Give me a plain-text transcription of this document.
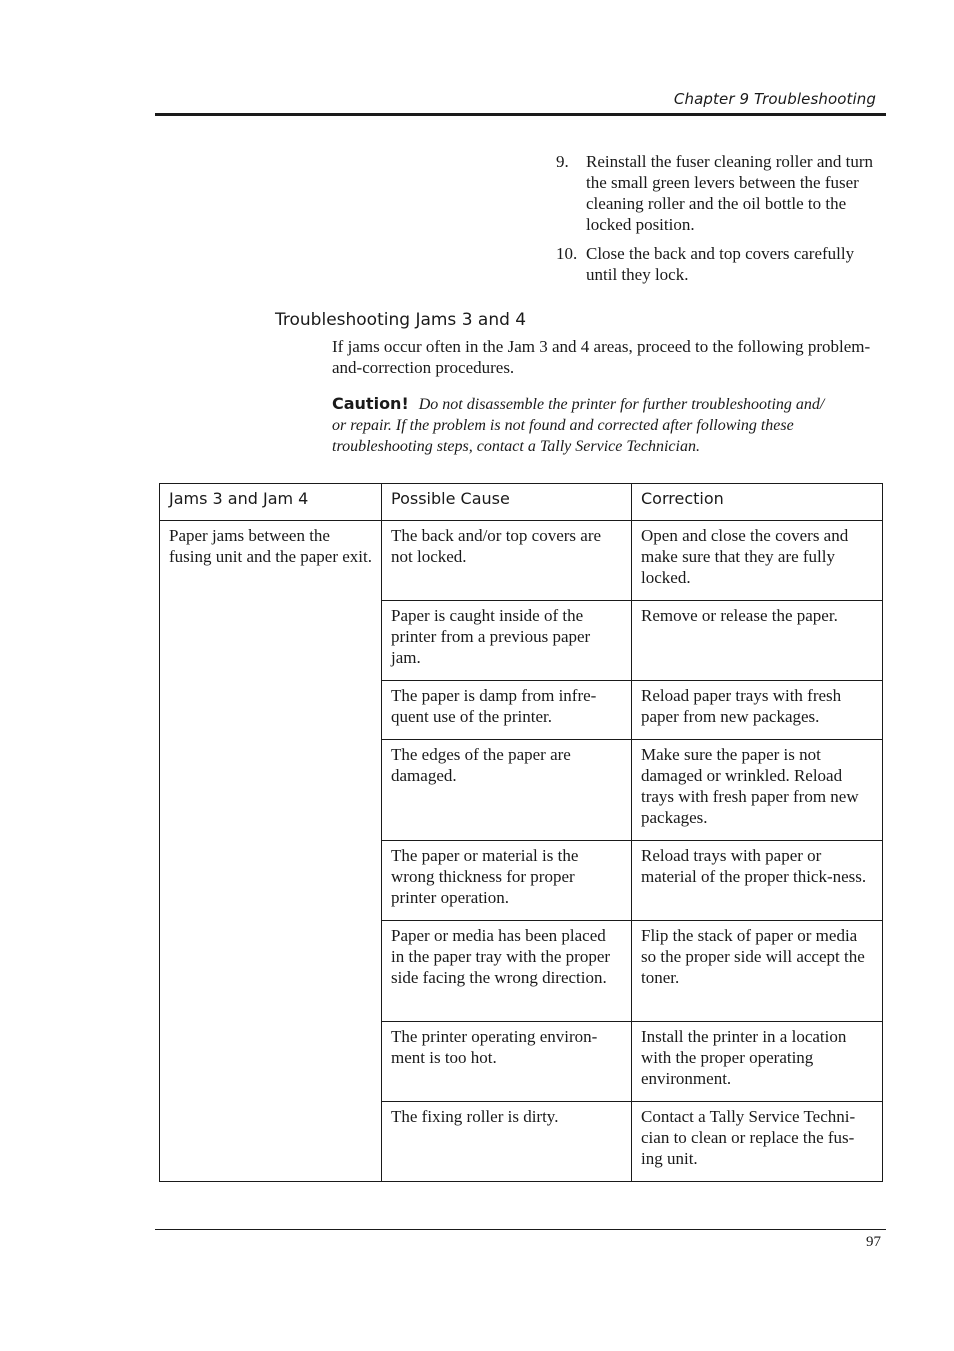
Chapter 9 Troubleshooting
9. Reinstall the fuser cleaning roller and turn the small green levers between the fuser cleaning roller and the oil bottle to the locked position.
10. Close the back and top covers carefully until they lock.
Troubleshooting Jams 3 and 4

If jams occur often in the Jam 3 and 4 areas, proceed to the following problem-and-correction procedures.

Caution! Do not disassemble the printer for further troubleshooting and/ or repair. If the problem is not found and corrected after following these troubleshooting steps, contact a Tally Service Technician.

Jams 3 and Jam 4	Possible Cause	Correction
Paper jams between the fusing unit and the paper exit.	The back and/or top covers are not locked.	Open and close the covers and make sure that they are fully locked.
	Paper is caught inside of the printer from a previous paper jam.	Remove or release the paper.
	The paper is damp from infre-quent use of the printer.	Reload paper trays with fresh paper from new packages.
	The edges of the paper are damaged.	Make sure the paper is not damaged or wrinkled. Reload trays with fresh paper from new packages.
	The paper or material is the wrong thickness for proper printer operation.	Reload trays with paper or material of the proper thick-ness.
	Paper or media has been placed in the paper tray with the proper side facing the wrong direction.	Flip the stack of paper or media so the proper side will accept the toner.
	The printer operating environ-ment is too hot.	Install the printer in a location with the proper operating environment.
	The fixing roller is dirty.	Contact a Tally Service Techni-cian to clean or replace the fus-ing unit.
97
